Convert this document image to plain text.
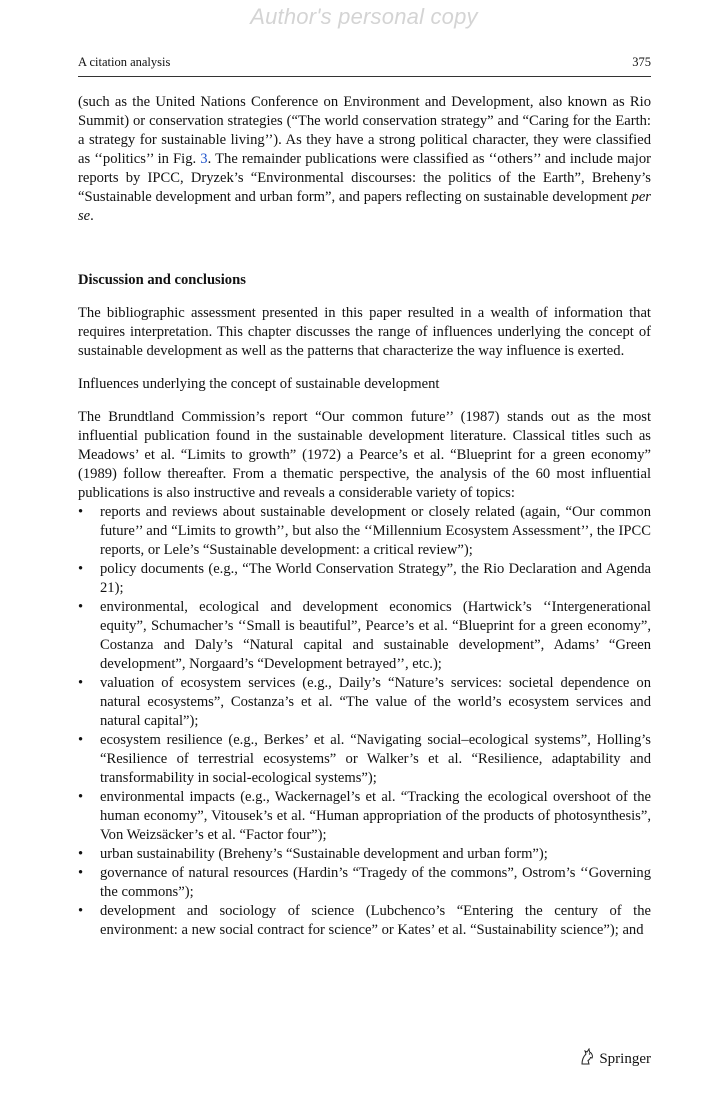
Author's personal copy
A citation analysis	375

(such as the United Nations Conference on Environment and Development, also known as Rio Summit) or conservation strategies (“The world conservation strategy” and “Caring for the Earth: a strategy for sustainable living’’). As they have a strong political character, they were classified as ‘‘politics’’ in Fig. 3. The remainder publications were classified as ‘‘others’’ and include major reports by IPCC, Dryzek’s “Environmental discourses: the politics of the Earth”, Breheny’s “Sustainable development and urban form”, and papers reflecting on sustainable development per se.

Discussion and conclusions

The bibliographic assessment presented in this paper resulted in a wealth of information that requires interpretation. This chapter discusses the range of influences underlying the concept of sustainable development as well as the patterns that characterize the way influence is exerted.

Influences underlying the concept of sustainable development

The Brundtland Commission’s report “Our common future’’ (1987) stands out as the most influential publication found in the sustainable development literature. Classical titles such as Meadows’ et al. “Limits to growth” (1972) a Pearce’s et al. “Blueprint for a green economy” (1989) follow thereafter. From a thematic perspective, the analysis of the 60 most influential publications is also instructive and reveals a considerable variety of topics:

• reports and reviews about sustainable development or closely related (again, “Our common future’’ and “Limits to growth’’, but also the ‘‘Millennium Ecosystem Assessment’’, the IPCC reports, or Lele’s “Sustainable development: a critical review”);
• policy documents (e.g., “The World Conservation Strategy”, the Rio Declaration and Agenda 21);
• environmental, ecological and development economics (Hartwick’s ‘‘Intergenerational equity”, Schumacher’s ‘‘Small is beautiful”, Pearce’s et al. “Blueprint for a green economy”, Costanza and Daly’s “Natural capital and sustainable development”, Adams’ “Green development”, Norgaard’s “Development betrayed’’, etc.);
• valuation of ecosystem services (e.g., Daily’s “Nature’s services: societal dependence on natural ecosystems”, Costanza’s et al. “The value of the world’s ecosystem services and natural capital”);
• ecosystem resilience (e.g., Berkes’ et al. “Navigating social–ecological systems”, Holling’s “Resilience of terrestrial ecosystems” or Walker’s et al. “Resilience, adaptability and transformability in social-ecological systems”);
• environmental impacts (e.g., Wackernagel’s et al. “Tracking the ecological overshoot of the human economy”, Vitousek’s et al. “Human appropriation of the products of photosynthesis”, Von Weizsäcker’s et al. “Factor four”);
• urban sustainability (Breheny’s “Sustainable development and urban form”);
• governance of natural resources (Hardin’s “Tragedy of the commons”, Ostrom’s ‘‘Governing the commons”);
• development and sociology of science (Lubchenco’s “Entering the century of the environment: a new social contract for science” or Kates’ et al. “Sustainability science”); and
Springer
